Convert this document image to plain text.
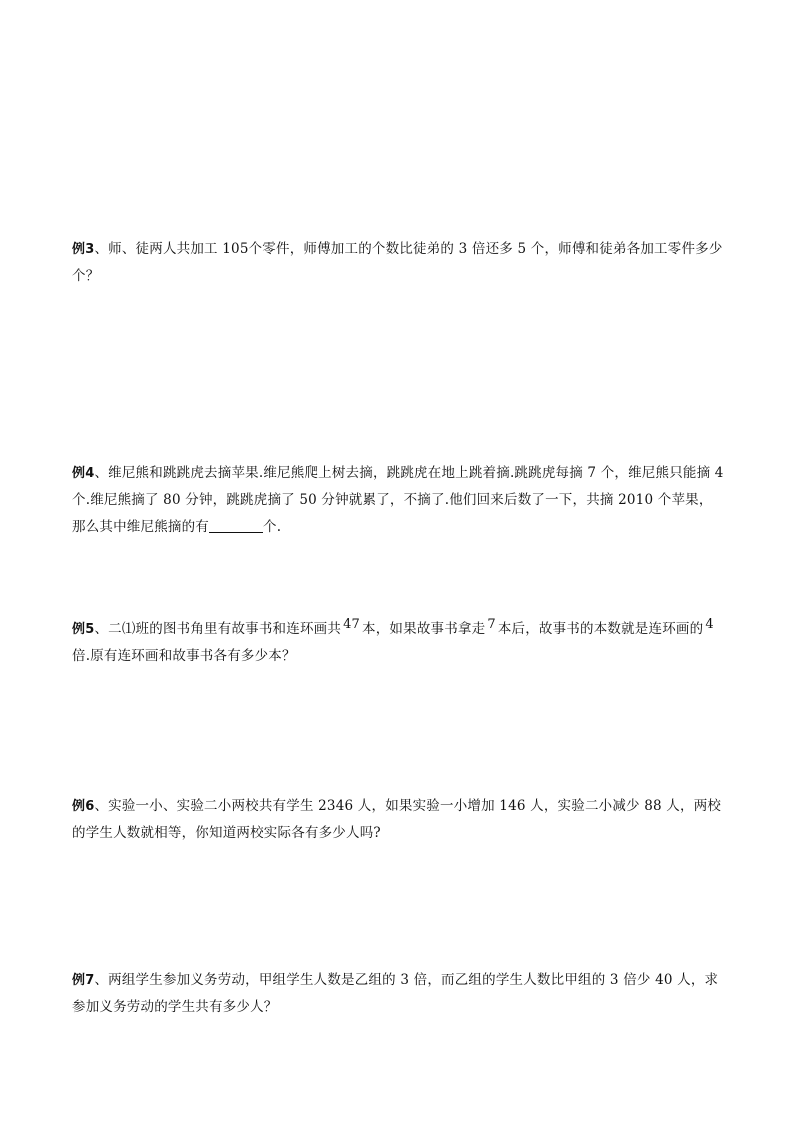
例3、师、徒两人共加工 105个零件，师傅加工的个数比徒弟的 3 倍还多 5 个，师傅和徒弟各加工零件多少个？
例4、维尼熊和跳跳虎去摘苹果.维尼熊爬上树去摘，跳跳虎在地上跳着摘.跳跳虎每摘 7 个，维尼熊只能摘 4 个.维尼熊摘了 80 分钟，跳跳虎摘了 50 分钟就累了，不摘了.他们回来后数了一下，共摘 2010 个苹果，那么其中维尼熊摘的有	个.
例5、二⑴班的图书角里有故事书和连环画共 47 本，如果故事书拿走 7 本后，故事书的本数就是连环画的 4倍.原有连环画和故事书各有多少本？
例6、实验一小、实验二小两校共有学生 2346 人，如果实验一小增加 146 人，实验二小减少 88 人，两校的学生人数就相等，你知道两校实际各有多少人吗?
例7、两组学生参加义务劳动，甲组学生人数是乙组的 3 倍，而乙组的学生人数比甲组的 3 倍少 40 人，求参加义务劳动的学生共有多少人？
